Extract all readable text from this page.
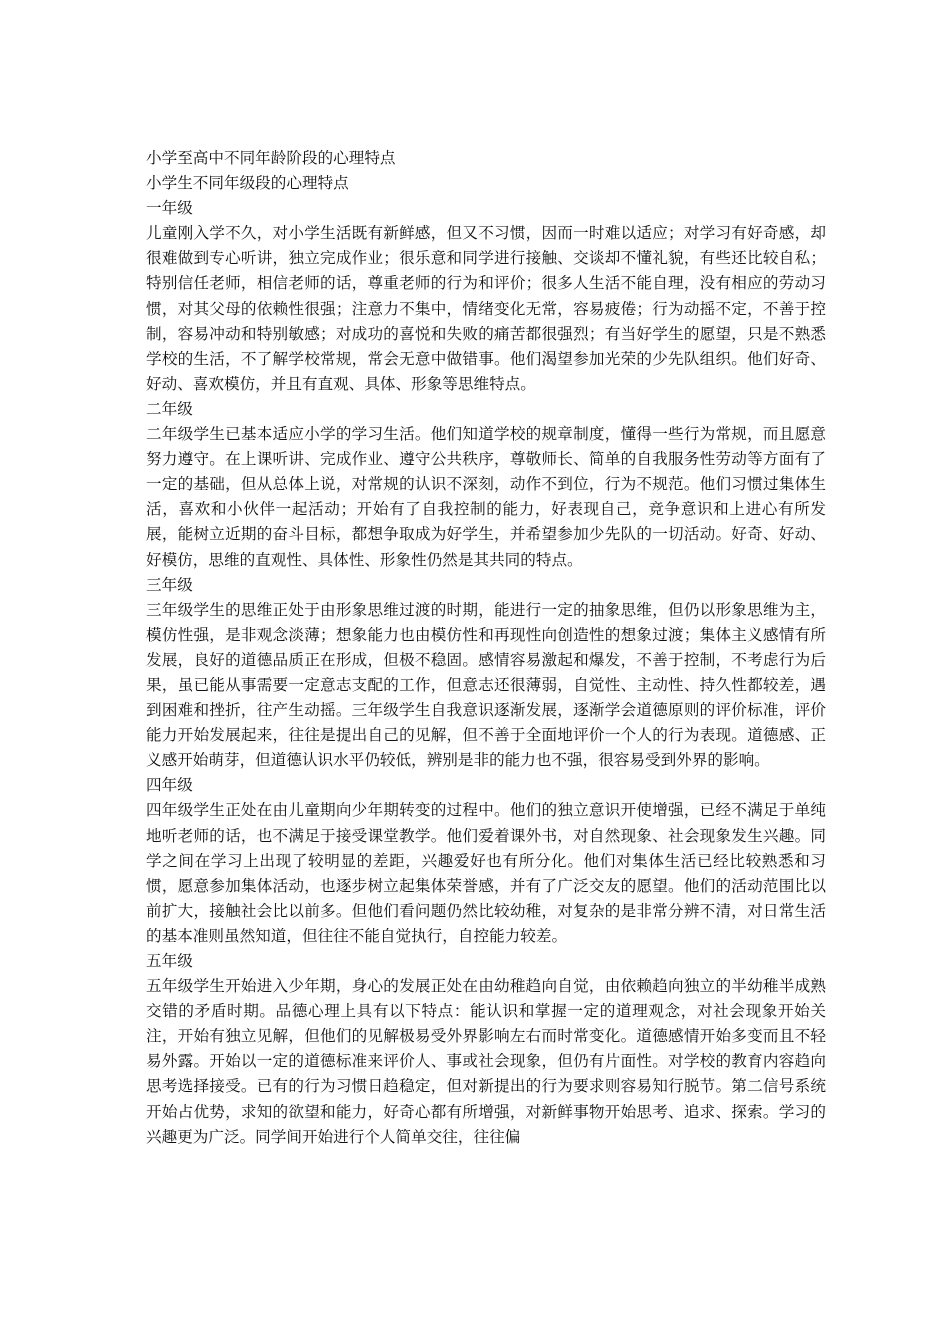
小学至高中不同年龄阶段的心理特点

小学生不同年级段的心理特点

一年级

儿童刚入学不久，对小学生活既有新鲜感，但又不习惯，因而一时难以适应；对学习有好奇感，却很难做到专心听讲，独立完成作业；很乐意和同学进行接触、交谈却不懂礼貌，有些还比较自私；特别信任老师，相信老师的话，尊重老师的行为和评价；很多人生活不能自理，没有相应的劳动习惯，对其父母的依赖性很强；注意力不集中，情绪变化无常，容易疲倦；行为动摇不定，不善于控制，容易冲动和特别敏感；对成功的喜悦和失败的痛苦都很强烈；有当好学生的愿望，只是不熟悉学校的生活，不了解学校常规，常会无意中做错事。他们渴望参加光荣的少先队组织。他们好奇、好动、喜欢模仿，并且有直观、具体、形象等思维特点。

二年级

二年级学生已基本适应小学的学习生活。他们知道学校的规章制度，懂得一些行为常规，而且愿意努力遵守。在上课听讲、完成作业、遵守公共秩序，尊敬师长、简单的自我服务性劳动等方面有了一定的基础，但从总体上说，对常规的认识不深刻，动作不到位，行为不规范。他们习惯过集体生活，喜欢和小伙伴一起活动；开始有了自我控制的能力，好表现自己，竞争意识和上进心有所发展，能树立近期的奋斗目标，都想争取成为好学生，并希望参加少先队的一切活动。好奇、好动、好模仿，思维的直观性、具体性、形象性仍然是其共同的特点。

三年级

三年级学生的思维正处于由形象思维过渡的时期，能进行一定的抽象思维，但仍以形象思维为主，模仿性强，是非观念淡薄；想象能力也由模仿性和再现性向创造性的想象过渡；集体主义感情有所发展，良好的道德品质正在形成，但极不稳固。感情容易激起和爆发，不善于控制，不考虑行为后果，虽已能从事需要一定意志支配的工作，但意志还很薄弱，自觉性、主动性、持久性都较差，遇到困难和挫折，往产生动摇。三年级学生自我意识逐渐发展，逐渐学会道德原则的评价标准，评价能力开始发展起来，往往是提出自己的见解，但不善于全面地评价一个人的行为表现。道德感、正义感开始萌芽，但道德认识水平仍较低，辨别是非的能力也不强，很容易受到外界的影响。

四年级

四年级学生正处在由儿童期向少年期转变的过程中。他们的独立意识开使增强，已经不满足于单纯地听老师的话，也不满足于接受课堂教学。他们爱着课外书，对自然现象、社会现象发生兴趣。同学之间在学习上出现了较明显的差距，兴趣爱好也有所分化。他们对集体生活已经比较熟悉和习惯，愿意参加集体活动，也逐步树立起集体荣誉感，并有了广泛交友的愿望。他们的活动范围比以前扩大，接触社会比以前多。但他们看问题仍然比较幼稚，对复杂的是非常分辨不清，对日常生活的基本准则虽然知道，但往往不能自觉执行，自控能力较差。

五年级

五年级学生开始进入少年期，身心的发展正处在由幼稚趋向自觉，由依赖趋向独立的半幼稚半成熟交错的矛盾时期。品德心理上具有以下特点：能认识和掌握一定的道理观念，对社会现象开始关注，开始有独立见解，但他们的见解极易受外界影响左右而时常变化。道德感情开始多变而且不轻易外露。开始以一定的道德标准来评价人、事或社会现象，但仍有片面性。对学校的教育内容趋向思考选择接受。已有的行为习惯日趋稳定，但对新提出的行为要求则容易知行脱节。第二信号系统开始占优势，求知的欲望和能力，好奇心都有所增强，对新鲜事物开始思考、追求、探索。学习的兴趣更为广泛。同学间开始进行个人简单交往，往往偏
